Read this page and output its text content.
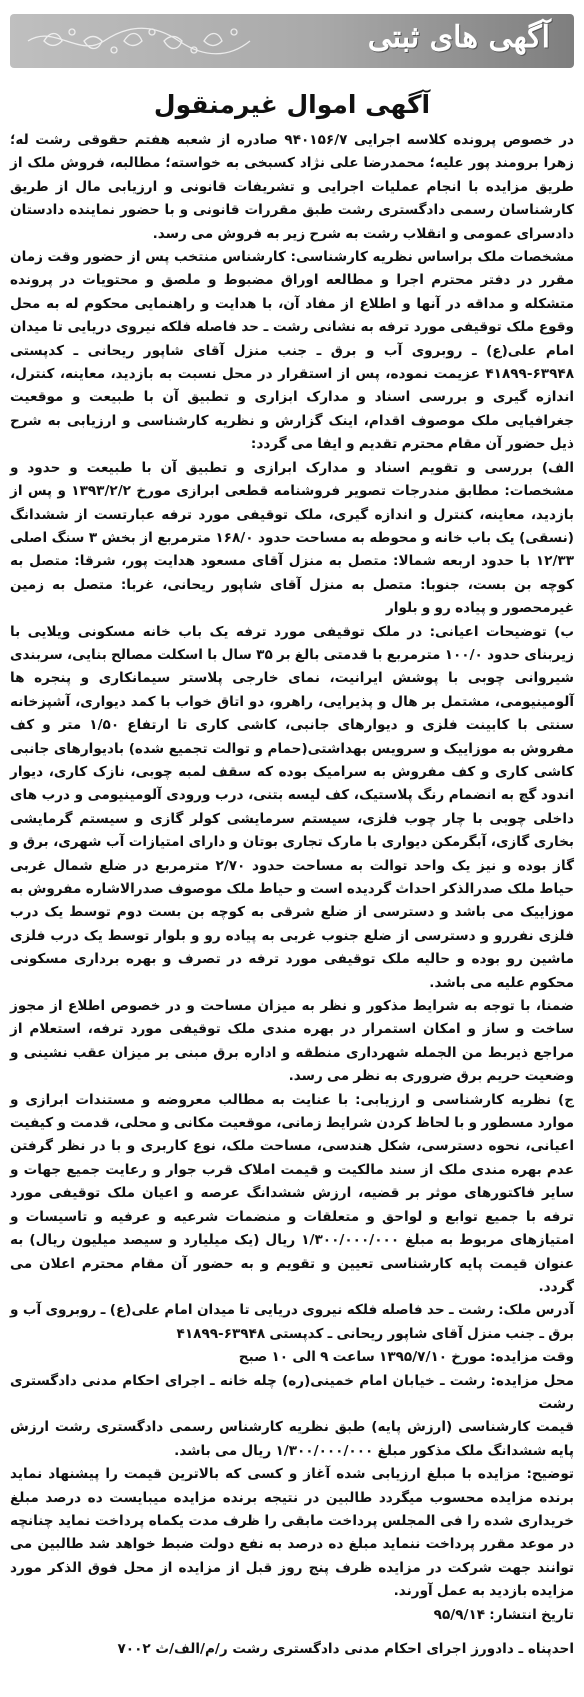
آگهی های ثبتی
آگهی اموال غیرمنقول

در خصوص پرونده کلاسه اجرایی ۹۴۰۱۵۶/۷ صادره از شعبه هفتم حقوقی رشت له؛ زهرا برومند پور علیه؛ محمدرضا علی نژاد کسبخی به خواسته؛ مطالبه، فروش ملک از طریق مزایده با انجام عملیات اجرایی و تشریفات قانونی و ارزیابی مال از طریق کارشناسان رسمی دادگستری رشت طبق مقررات قانونی و با حضور نماینده دادستان دادسرای عمومی و انقلاب رشت به شرح زیر به فروش می رسد.

مشخصات ملک براساس نظریه کارشناسی: کارشناس منتخب پس از حضور وقت زمان مقرر در دفتر محترم اجرا و مطالعه اوراق مضبوط و ملصق و محتویات در پرونده متشکله و مداقه در آنها و اطلاع از مفاد آن، با هدایت و راهنمایی محکوم له به محل وقوع ملک توقیفی مورد ترفه به نشانی رشت ـ حد فاصله فلکه نیروی دریایی تا میدان امام علی(ع) ـ روبروی آب و برق ـ جنب منزل آقای شاپور ریحانی ـ کدپستی ۶۳۹۴۸-۴۱۸۹۹ عزیمت نموده، پس از استقرار در محل نسبت به بازدید، معاینه، کنترل، اندازه گیری و بررسی اسناد و مدارک ابزاری و تطبیق آن با طبیعت و موقعیت جغرافیایی ملک موصوف اقدام، اینک گزارش و نظریه کارشناسی و ارزیابی به شرح ذیل حضور آن مقام محترم تقدیم و ایفا می گردد:

الف) بررسی و تقویم اسناد و مدارک ابرازی و تطبیق آن با طبیعت و حدود و مشخصات: مطابق مندرجات تصویر فروشنامه قطعی ابرازی مورخ ۱۳۹۳/۲/۲ و پس از بازدید، معاینه، کنترل و اندازه گیری، ملک توقیفی مورد ترفه عبارتست از ششدانگ (نسقی) یک باب خانه و محوطه به مساحت حدود ۱۶۸/۰ مترمربع از بخش ۳ سنگ اصلی ۱۲/۳۳ با حدود اربعه شمالا: متصل به منزل آقای مسعود هدایت پور، شرقا: متصل به کوچه بن بست، جنوبا: متصل به منزل آقای شاپور ریحانی، غربا: متصل به زمین غیرمحصور و پیاده رو و بلوار

ب) توضیحات اعیانی: در ملک توقیفی مورد ترفه یک باب خانه مسکونی ویلایی با زیربنای حدود ۱۰۰/۰ مترمربع با قدمتی بالغ بر ۳۵ سال با اسکلت مصالح بنایی، سربندی شیروانی چوبی با پوشش ایرانیت، نمای خارجی پلاستر سیمانکاری و پنجره ها آلومینیومی، مشتمل بر هال و پذیرایی، راهرو، دو اتاق خواب با کمد دیواری، آشپزخانه سنتی با کابینت فلزی و دیوارهای جانبی، کاشی کاری تا ارتفاع ۱/۵۰ متر و کف مفروش به موزاییک و سرویس بهداشتی(حمام و توالت تجمیع شده) بادیوارهای جانبی کاشی کاری و کف مفروش به سرامیک بوده که سقف لمبه چوبی، نازک کاری، دیوار اندود گچ به انضمام رنگ پلاستیک، کف لیسه بتنی، درب ورودی آلومینیومی و درب های داخلی چوبی با چار چوب فلزی، سیستم سرمایشی کولر گازی و سیستم گرمایشی بخاری گازی، آبگرمکن دیواری با مارک تجاری بوتان و دارای امتیازات آب شهری، برق و گاز بوده و نیز یک واحد توالت به مساحت حدود ۲/۷۰ مترمربع در ضلع شمال غربی حیاط ملک صدرالذکر احداث گردیده است و حیاط ملک موصوف صدرالاشاره مفروش به موزاییک می باشد و دسترسی از ضلع شرقی به کوچه بن بست دوم توسط یک درب فلزی نفررو و دسترسی از ضلع جنوب غربی به پیاده رو و بلوار توسط یک درب فلزی ماشین رو بوده و حالیه ملک توقیفی مورد ترفه در تصرف و بهره برداری مسکونی محکوم علیه می باشد.

ضمنا، با توجه به شرایط مذکور و نظر به میزان مساحت و در خصوص اطلاع از مجوز ساخت و ساز و امکان استمرار در بهره مندی ملک توقیفی مورد ترفه، استعلام از مراجع ذیربط من الجمله شهرداری منطقه و اداره برق مبنی بر میزان عقب نشینی و وضعیت حریم برق ضروری به نظر می رسد.

ج) نظریه کارشناسی و ارزیابی: با عنایت به مطالب معروضه و مستندات ابرازی و موارد مسطور و با لحاظ کردن شرایط زمانی، موقعیت مکانی و محلی، قدمت و کیفیت اعیانی، نحوه دسترسی، شکل هندسی، مساحت ملک، نوع کاربری و با در نظر گرفتن عدم بهره مندی ملک از سند مالکیت و قیمت املاک قرب جوار و رعایت جمیع جهات و سایر فاکتورهای موثر بر قضیه، ارزش ششدانگ عرصه و اعیان ملک توقیفی مورد ترفه با جمیع توابع و لواحق و متعلقات و منضمات شرعیه و عرفیه و تاسیسات و امتیازهای مربوط به مبلغ ۱/۳۰۰/۰۰۰/۰۰۰ ریال (یک میلیارد و سیصد میلیون ریال) به عنوان قیمت پایه کارشناسی تعیین و تقویم و به حضور آن مقام محترم اعلان می گردد.

آدرس ملک: رشت ـ حد فاصله فلکه نیروی دریایی تا میدان امام علی(ع) ـ روبروی آب و برق ـ جنب منزل آقای شاپور ریحانی ـ کدپستی ۶۳۹۴۸-۴۱۸۹۹

وقت مزایده: مورخ ۱۳۹۵/۷/۱۰ ساعت ۹ الی ۱۰ صبح

محل مزایده: رشت ـ خیابان امام خمینی(ره) چله خانه ـ اجرای احکام مدنی دادگستری رشت

قیمت کارشناسی (ارزش پایه) طبق نظریه کارشناس رسمی دادگستری رشت ارزش پایه ششدانگ ملک مذکور مبلغ ۱/۳۰۰/۰۰۰/۰۰۰ ریال می باشد.

توضیح: مزایده با مبلغ ارزیابی شده آغاز و کسی که بالاترین قیمت را پیشنهاد نماید برنده مزایده محسوب میگردد طالبین در نتیجه برنده مزایده میبایست ده درصد مبلغ خریداری شده را فی المجلس پرداخت مابقی را ظرف مدت یکماه پرداخت نماید چنانچه در موعد مقرر پرداخت ننماید مبلغ ده درصد به نفع دولت ضبط خواهد شد طالبین می توانند جهت شرکت در مزایده ظرف پنج روز قبل از مزایده از محل فوق الذکر مورد مزایده بازدید به عمل آورند.

تاریخ انتشار: ۹۵/۹/۱۴

احدپناه ـ دادورز اجرای احکام مدنی دادگستری رشت ر/م/الف/ث ۷۰۰۲
